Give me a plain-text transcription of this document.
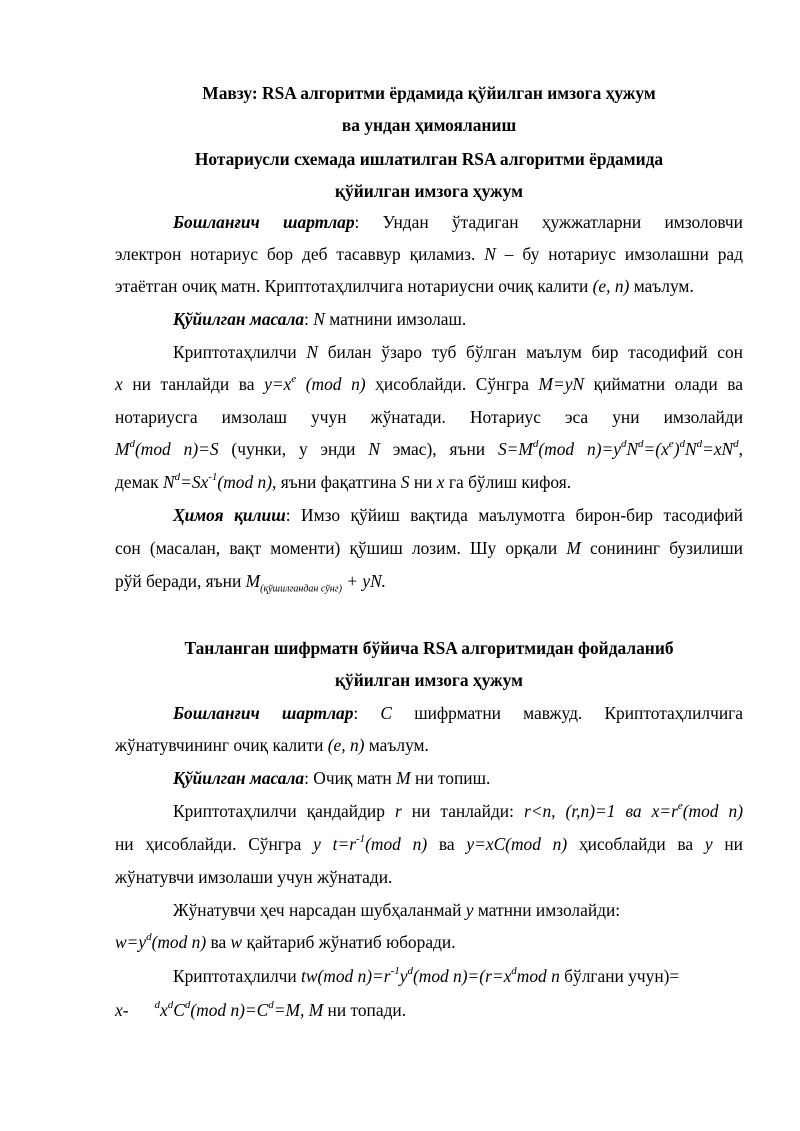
Мавзу: RSA алгоритми ёрдамида қўйилган имзога ҳужум
ва ундан ҳимояланиш
Нотариусли схемада ишлатилган RSA алгоритми ёрдамида
қўйилган имзога ҳужум
Бошланғич шартлар: Ундан ўтадиган ҳужжатларни имзоловчи
электрон нотариус бор деб тасаввур қиламиз. N – бу нотариус имзолашни рад
этаётган очиқ матн. Криптотаҳлилчига нотариусни очиқ калити (e, n) маълум.
Қўйилган масала: N матнини имзолаш.
Криптотаҳлилчи N билан ўзаро туб бўлган маълум бир тасодифий сон
x ни танлайди ва $y=x^e$ (mod n) ҳисоблайди. Сўнгра M=yN қийматни олади ва
нотариусга имзолаш учун жўнатади. Нотариус эса уни имзолайди
$M^d(mod$ n)=S (чунки, у энди N эмас), яъни $S=M^d(mod$ $n)=y^dN^d=(x^e)^dN^d=xN^d$,
демак $N^d=Sx^{-1}(mod$ n), яъни фақатгина S ни x га бўлиш кифоя.
Ҳимоя қилиш: Имзо қўйиш вақтида маълумотга бирон-бир тасодифий
сон (масалан, вақт моменти) қўшиш лозим. Шу орқали M сонининг бузилиши
рўй беради, яъни $M_{(қўшилгандан сўнг)}$ + yN.
Танланган шифрматн бўйича RSA алгоритмидан фойдаланиб
қўйилган имзога ҳужум
Бошланғич шартлар: C шифрматни мавжуд. Криптотаҳлилчига
жўнатувчининг очиқ калити (e, n) маълум.
Қўйилган масала: Очиқ матн M ни топиш.
Криптотаҳлилчи қандайдир r ни танлайди: r<n, (r,n)=1 ва $x=r^e(mod$ n)
ни ҳисоблайди. Сўнгра y $t=r^{-1}(mod$ n) ва y=xC(mod n) ҳисоблайди ва y ни
жўнатувчи имзолаши учун жўнатади.
Жўнатувчи ҳеч нарсадан шубҳаланмай y матнни имзолайди:
$w=y^d(mod$ n) ва w қайтариб жўнатиб юборади.
Криптотаҳлилчи tw(mod $n)=r^{-1}y^d(mod$ $n)=(r=x^dmod$ n бўлгани учун)=
x- $^dx^dC^d(mod$ $n)=C^d=M$, M ни топади.
